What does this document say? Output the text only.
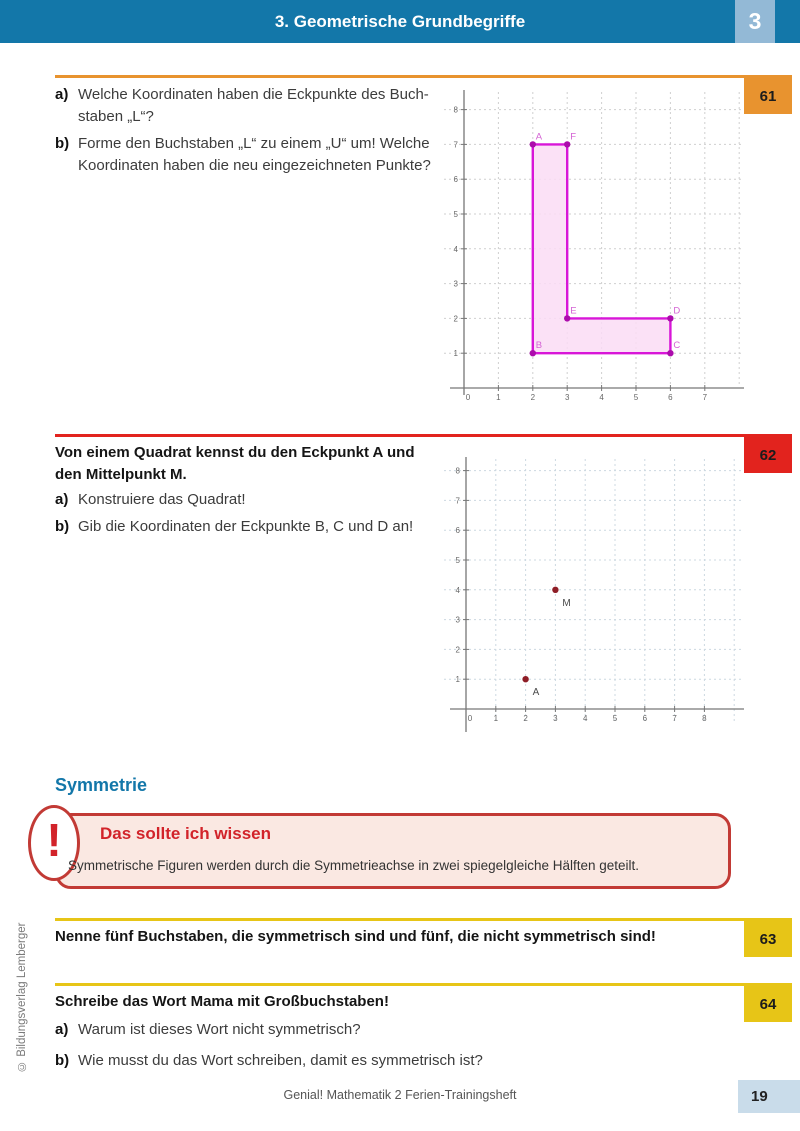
3. Geometrische Grundbegriffe	3
61
a) Welche Koordinaten haben die Eckpunkte des Buch-
staben „L“?
b) Forme den Buchstaben „L“ zu einem „U“ um! Welche
Koordinaten haben die neu eingezeichneten Punkte?
0	1	2	3	4	5	6	7
1
2
3
4
5
6
7
8
A	F
E	D
C
B
62
Von einem Quadrat kennst du den Eckpunkt A und
den Mittelpunkt M.
a) Konstruiere das Quadrat!
b) Gib die Koordinaten der Eckpunkte B, C und D an!
0	1	2	3	4	5	6	7	8
1
2
3
4
5
6
7
8
A
M
Symmetrie
!	Das sollte ich wissen
Symmetrische Figuren werden durch die Symmetrieachse in zwei spiegelgleiche Hälften geteilt.
63
Nenne fünf Buchstaben, die symmetrisch sind und fünf, die nicht symmetrisch sind!
64
Schreibe das Wort Mama mit Großbuchstaben!
a) Warum ist dieses Wort nicht symmetrisch?
b) Wie musst du das Wort schreiben, damit es symmetrisch ist?
© Bildungsverlag Lemberger
Genial! Mathematik 2 Ferien-Trainingsheft	19
